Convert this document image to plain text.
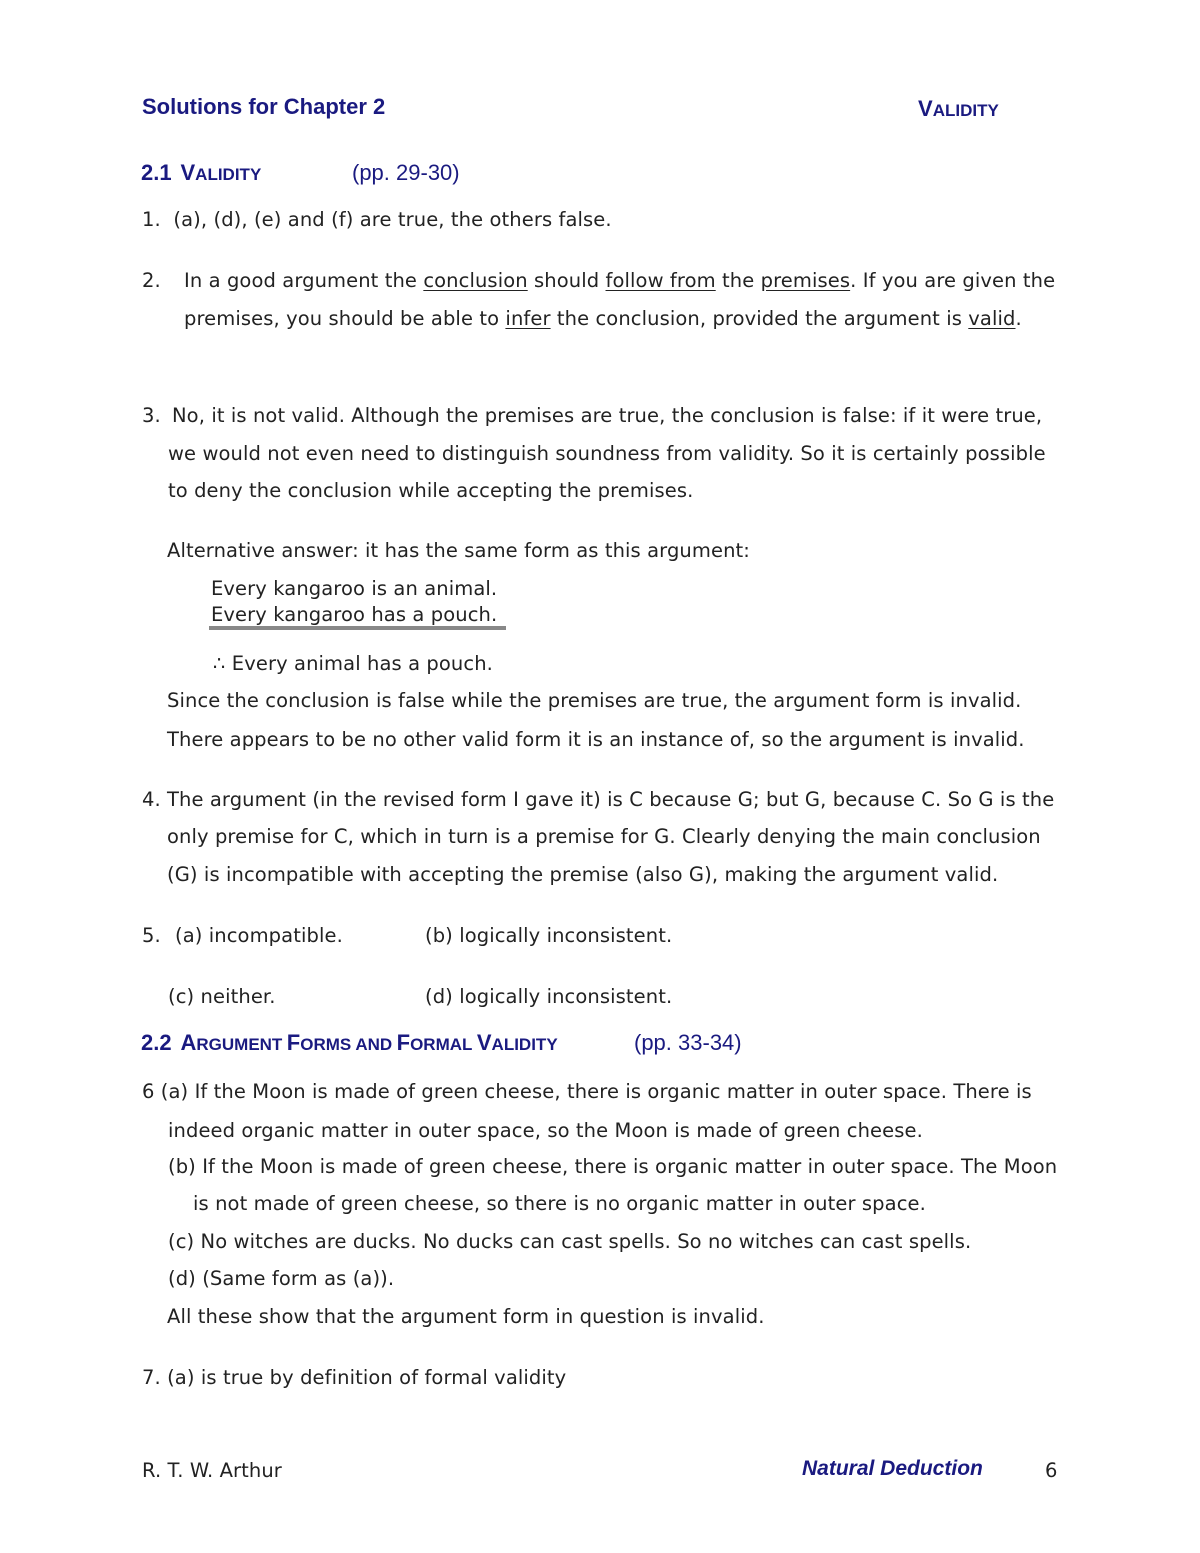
Solutions for Chapter 2	VALIDITY
2.1 VALIDITY	(pp. 29-30)
1. (a), (d), (e) and (f) are true, the others false.
2. In a good argument the conclusion should follow from the premises. If you are given the
premises, you should be able to infer the conclusion, provided the argument is valid.
3. No, it is not valid. Although the premises are true, the conclusion is false: if it were true,
we would not even need to distinguish soundness from validity. So it is certainly possible
to deny the conclusion while accepting the premises.
Alternative answer: it has the same form as this argument:
Every kangaroo is an animal.
Every kangaroo has a pouch.
∴ Every animal has a pouch.
Since the conclusion is false while the premises are true, the argument form is invalid.
There appears to be no other valid form it is an instance of, so the argument is invalid.
4. The argument (in the revised form I gave it) is C because G; but G, because C. So G is the
only premise for C, which in turn is a premise for G. Clearly denying the main conclusion
(G) is incompatible with accepting the premise (also G), making the argument valid.
5. (a) incompatible.	(b) logically inconsistent.
(c) neither.	(d) logically inconsistent.
2.2 ARGUMENT FORMS AND FORMAL VALIDITY	(pp. 33-34)
6 (a) If the Moon is made of green cheese, there is organic matter in outer space. There is
indeed organic matter in outer space, so the Moon is made of green cheese.
(b) If the Moon is made of green cheese, there is organic matter in outer space. The Moon
is not made of green cheese, so there is no organic matter in outer space.
(c) No witches are ducks. No ducks can cast spells. So no witches can cast spells.
(d) (Same form as (a)).
All these show that the argument form in question is invalid.
7. (a) is true by definition of formal validity
R. T. W. Arthur	Natural Deduction	6
